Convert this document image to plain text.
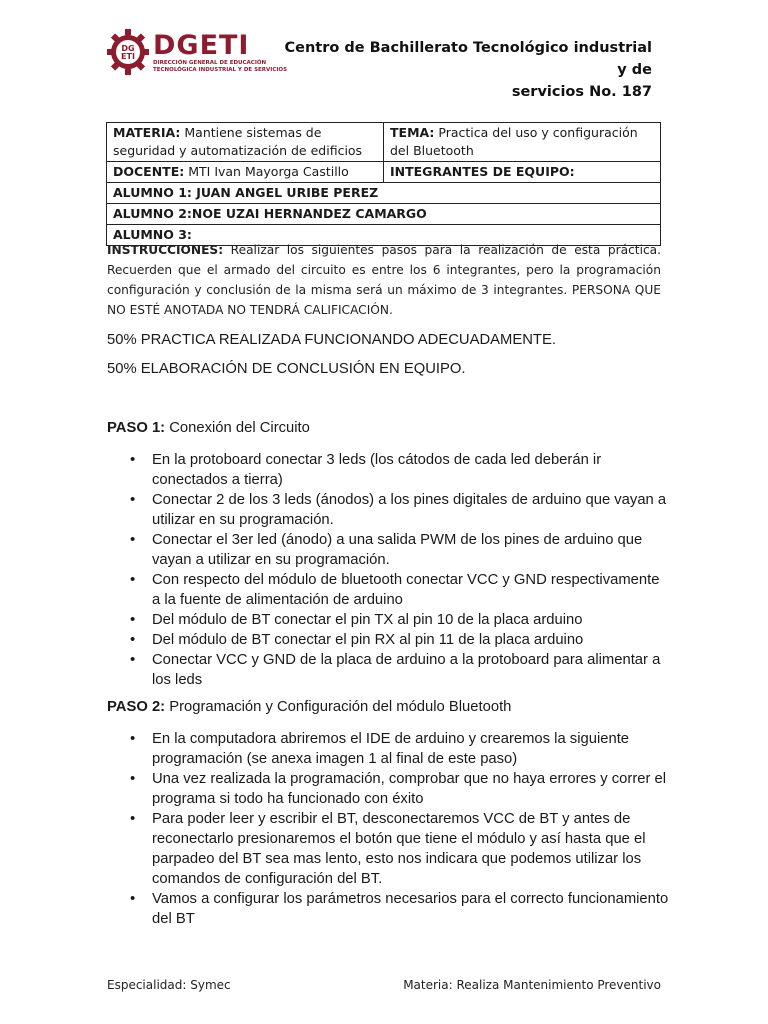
DG
ETI DGETI
DIRECCIÓN GENERAL DE EDUCACIÓN TECNOLÓGICA INDUSTRIAL Y DE SERVICIOS
Centro de Bachillerato Tecnológico industrial y de
servicios No. 187
MATERIA: Mantiene sistemas de seguridad y automatización de edificios	TEMA: Practica del uso y configuración del Bluetooth
DOCENTE: MTI Ivan Mayorga Castillo	INTEGRANTES DE EQUIPO:
ALUMNO 1: JUAN ANGEL URIBE PEREZ	
ALUMNO 2:NOE UZAI HERNANDEZ CAMARGO	
ALUMNO 3:	
INSTRUCCIONES: Realizar los siguientes pasos para la realización de esta práctica. Recuerden que el armado del circuito es entre los 6 integrantes, pero la programación configuración y conclusión de la misma será un máximo de 3 integrantes. PERSONA QUE NO ESTÉ ANOTADA NO TENDRÁ CALIFICACIÓN.
50% PRACTICA REALIZADA FUNCIONANDO ADECUADAMENTE.
50% ELABORACIÓN DE CONCLUSIÓN EN EQUIPO.
PASO 1: Conexión del Circuito
• En la protoboard conectar 3 leds (los cátodos de cada led deberán ir conectados a tierra)
• Conectar 2 de los 3 leds (ánodos) a los pines digitales de arduino que vayan a utilizar en su programación.
• Conectar el 3er led (ánodo) a una salida PWM de los pines de arduino que vayan a utilizar en su programación.
• Con respecto del módulo de bluetooth conectar VCC y GND respectivamente a la fuente de alimentación de arduino
• Del módulo de BT conectar el pin TX al pin 10 de la placa arduino
• Del módulo de BT conectar el pin RX al pin 11 de la placa arduino
• Conectar VCC y GND de la placa de arduino a la protoboard para alimentar a los leds
PASO 2: Programación y Configuración del módulo Bluetooth
• En la computadora abriremos el IDE de arduino y crearemos la siguiente programación (se anexa imagen 1 al final de este paso)
• Una vez realizada la programación, comprobar que no haya errores y correr el programa si todo ha funcionado con éxito
• Para poder leer y escribir el BT, desconectaremos VCC de BT y antes de reconectarlo presionaremos el botón que tiene el módulo y así hasta que el parpadeo del BT sea mas lento, esto nos indicara que podemos utilizar los comandos de configuración del BT.
• Vamos a configurar los parámetros necesarios para el correcto funcionamiento del BT
Especialidad: Symec	Materia: Realiza Mantenimiento Preventivo
